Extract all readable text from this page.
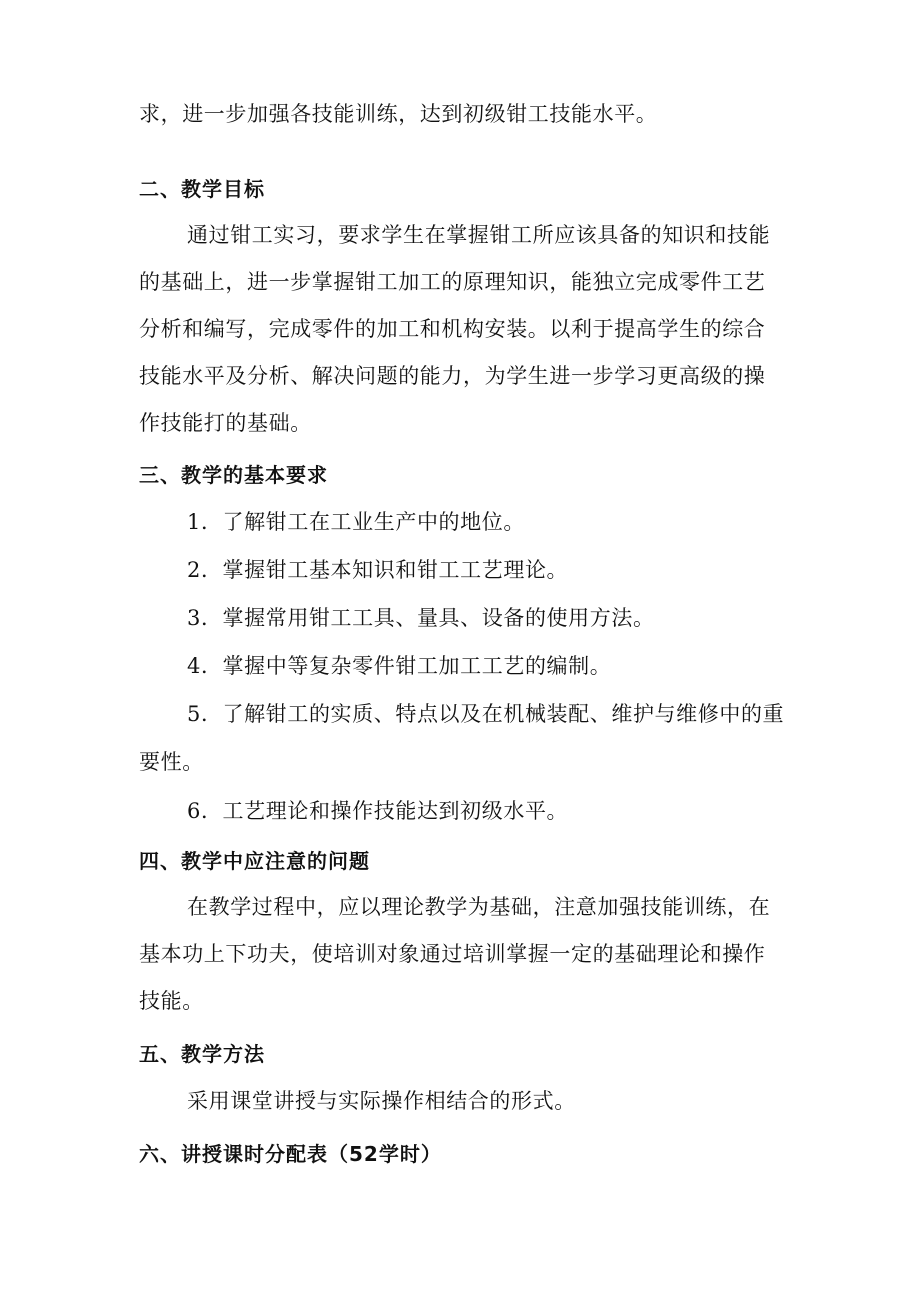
求，进一步加强各技能训练，达到初级钳工技能水平。
二、教学目标
通过钳工实习，要求学生在掌握钳工所应该具备的知识和技能
的基础上，进一步掌握钳工加工的原理知识，能独立完成零件工艺
分析和编写，完成零件的加工和机构安装。以利于提高学生的综合
技能水平及分析、解决问题的能力，为学生进一步学习更高级的操
作技能打的基础。
三、教学的基本要求
1．了解钳工在工业生产中的地位。
2．掌握钳工基本知识和钳工工艺理论。
3．掌握常用钳工工具、量具、设备的使用方法。
4．掌握中等复杂零件钳工加工工艺的编制。
5．了解钳工的实质、特点以及在机械装配、维护与维修中的重
要性。
6．工艺理论和操作技能达到初级水平。
四、教学中应注意的问题
在教学过程中，应以理论教学为基础，注意加强技能训练，在
基本功上下功夫，使培训对象通过培训掌握一定的基础理论和操作
技能。
五、教学方法
采用课堂讲授与实际操作相结合的形式。
六、讲授课时分配表（52学时）
